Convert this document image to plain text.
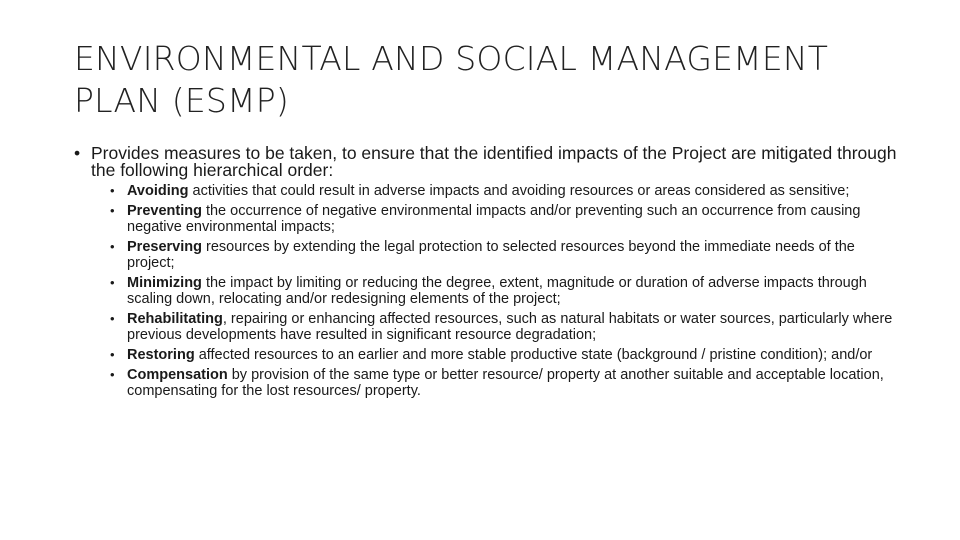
ENVIRONMENTAL AND SOCIAL MANAGEMENT PLAN (ESMP)
• Provides measures to be taken, to ensure that the identified impacts of the Project are mitigated through the following hierarchical order:
• Avoiding activities that could result in adverse impacts and avoiding resources or areas considered as sensitive;
• Preventing the occurrence of negative environmental impacts and/or preventing such an occurrence from causing negative environmental impacts;
• Preserving resources by extending the legal protection to selected resources beyond the immediate needs of the project;
• Minimizing the impact by limiting or reducing the degree, extent, magnitude or duration of adverse impacts through scaling down, relocating and/or redesigning elements of the project;
• Rehabilitating, repairing or enhancing affected resources, such as natural habitats or water sources, particularly where previous developments have resulted in significant resource degradation;
• Restoring affected resources to an earlier and more stable productive state (background / pristine condition); and/or
• Compensation by provision of the same type or better resource/ property at another suitable and acceptable location, compensating for the lost resources/ property.
